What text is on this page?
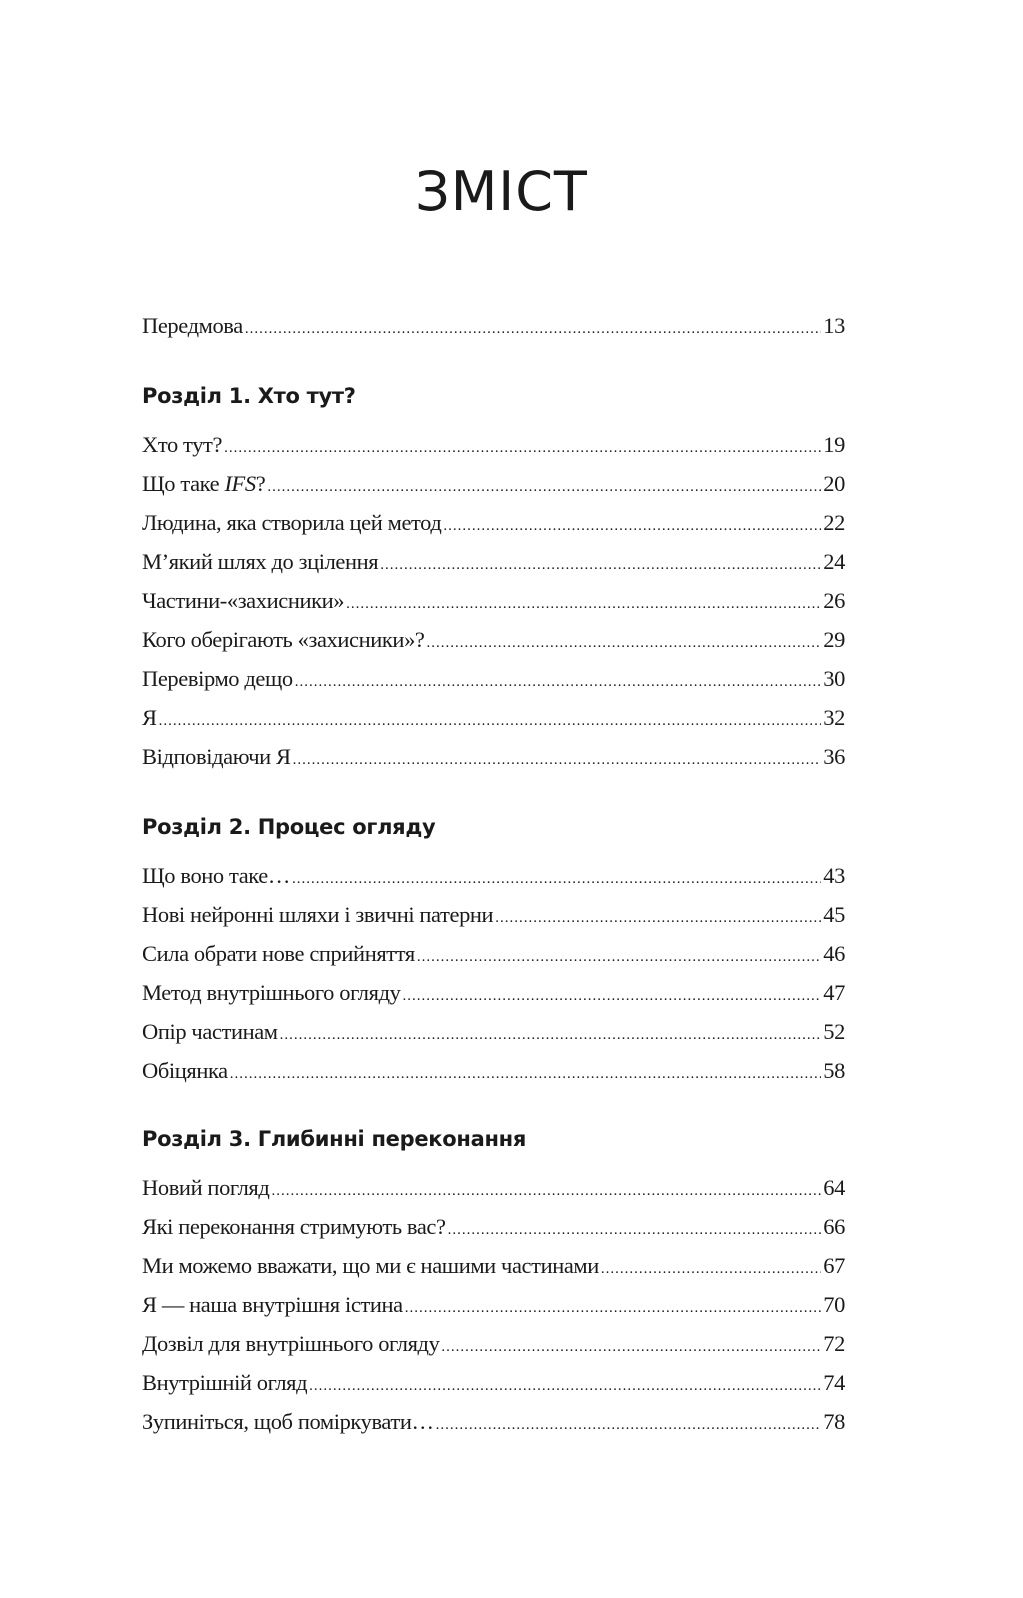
ЗМІСТ
Передмова .....	13
Розділ 1. Хто тут?
Хто тут? .....	19
Що таке IFS? .....	20
Людина, яка створила цей метод .....	22
М’який шлях до зцілення .....	24
Частини-«захисники» .....	26
Кого оберігають «захисники»? .....	29
Перевірмо дещо .....	30
Я .....	32
Відповідаючи Я .....	36
Розділ 2. Процес огляду
Що воно таке… .....	43
Нові нейронні шляхи і звичні патерни .....	45
Сила обрати нове сприйняття .....	46
Метод внутрішнього огляду .....	47
Опір частинам .....	52
Обіцянка .....	58
Розділ 3. Глибинні переконання
Новий погляд .....	64
Які переконання стримують вас? .....	66
Ми можемо вважати, що ми є нашими частинами .....	67
Я — наша внутрішня істина .....	70
Дозвіл для внутрішнього огляду .....	72
Внутрішній огляд .....	74
Зупиніться, щоб поміркувати… .....	78
